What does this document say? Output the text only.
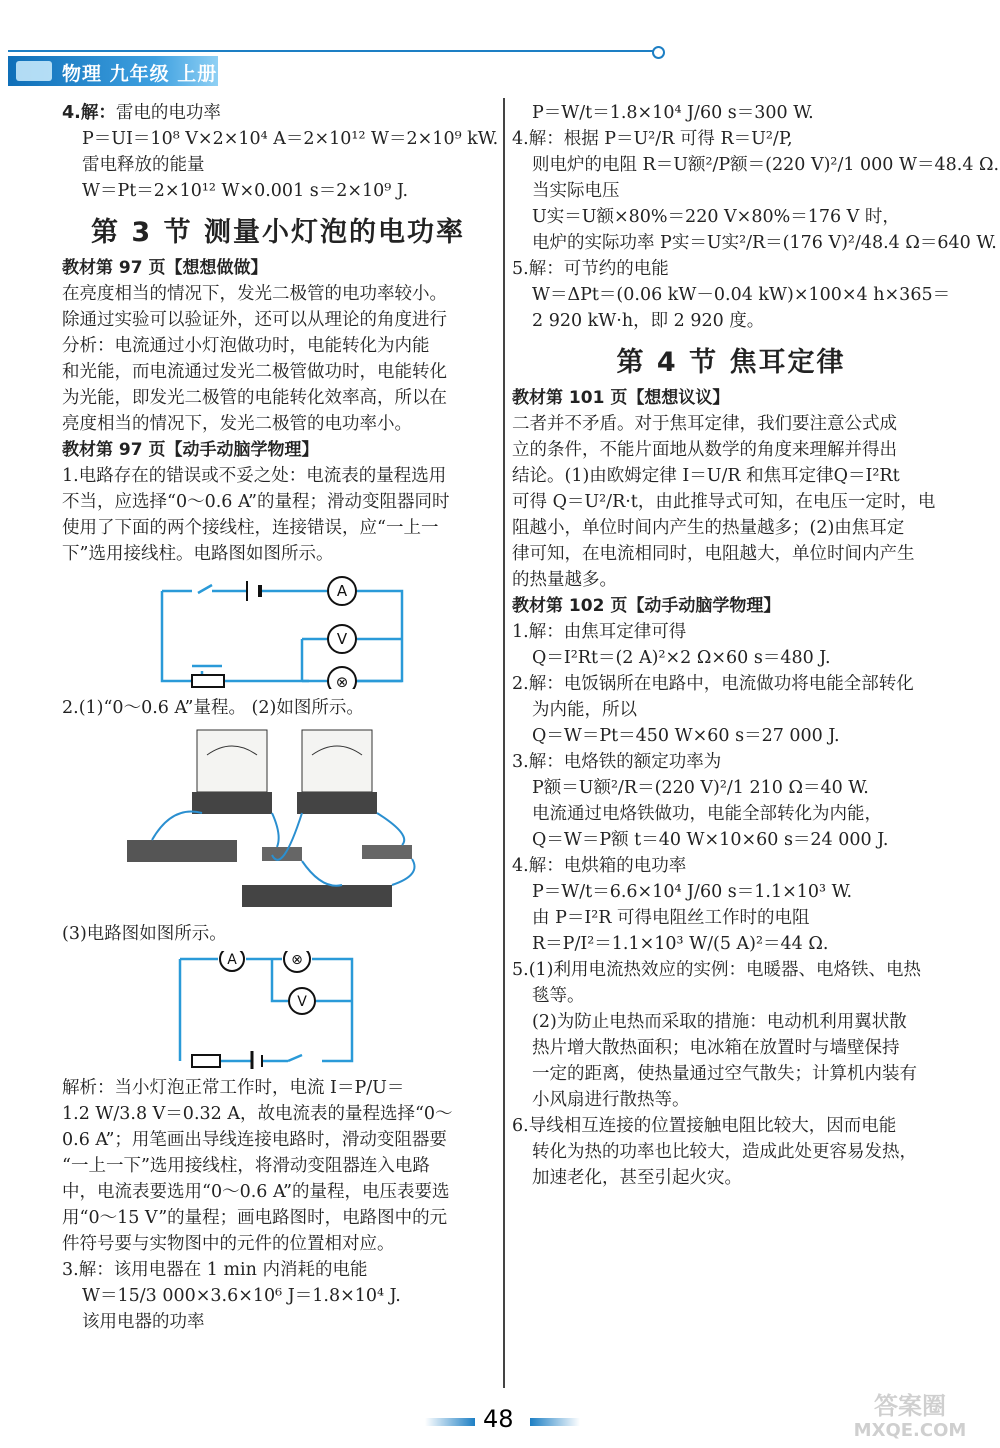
物理 九年级 上册

4.解：雷电的电功率

P＝UI＝10⁸ V×2×10⁴ A＝2×10¹² W＝2×10⁹ kW.

雷电释放的能量

W＝Pt＝2×10¹² W×0.001 s＝2×10⁹ J.

第 3 节 测量小灯泡的电功率

教材第 97 页【想想做做】

在亮度相当的情况下，发光二极管的电功率较小。

除通过实验可以验证外，还可以从理论的角度进行

分析：电流通过小灯泡做功时，电能转化为内能

和光能，而电流通过发光二极管做功时，电能转化

为光能，即发光二极管的电能转化效率高，所以在

亮度相当的情况下，发光二极管的电功率小。

教材第 97 页【动手动脑学物理】

1.电路存在的错误或不妥之处：电流表的量程选用

不当，应选择“0～0.6 A”的量程；滑动变阻器同时

使用了下面的两个接线柱，连接错误，应“一上一

下”选用接线柱。电路图如图所示。

A
V
⊗

2.(1)“0～0.6 A”量程。 (2)如图所示。

(3)电路图如图所示。

A
V
⊗

解析：当小灯泡正常工作时，电流 I＝P/U＝

1.2 W/3.8 V＝0.32 A，故电流表的量程选择“0～

0.6 A”；用笔画出导线连接电路时，滑动变阻器要

“一上一下”选用接线柱，将滑动变阻器连入电路

中，电流表要选用“0～0.6 A”的量程，电压表要选

用“0～15 V”的量程；画电路图时，电路图中的元

件符号要与实物图中的元件的位置相对应。

3.解：该用电器在 1 min 内消耗的电能

W＝15/3 000×3.6×10⁶ J＝1.8×10⁴ J.

该用电器的功率

P＝W/t＝1.8×10⁴ J/60 s＝300 W.

4.解：根据 P＝U²/R 可得 R＝U²/P,

则电炉的电阻 R＝U额²/P额＝(220 V)²/1 000 W＝48.4 Ω.

当实际电压

U实＝U额×80%＝220 V×80%＝176 V 时，

电炉的实际功率 P实＝U实²/R＝(176 V)²/48.4 Ω＝640 W.

5.解：可节约的电能

W＝ΔPt＝(0.06 kW－0.04 kW)×100×4 h×365＝

2 920 kW·h，即 2 920 度。

第 4 节 焦耳定律

教材第 101 页【想想议议】

二者并不矛盾。对于焦耳定律，我们要注意公式成

立的条件，不能片面地从数学的角度来理解并得出

结论。(1)由欧姆定律 I＝U/R 和焦耳定律Q＝I²Rt

可得 Q＝U²/R·t，由此推导式可知，在电压一定时，电

阻越小，单位时间内产生的热量越多；(2)由焦耳定

律可知，在电流相同时，电阻越大，单位时间内产生

的热量越多。

教材第 102 页【动手动脑学物理】

1.解：由焦耳定律可得

Q＝I²Rt＝(2 A)²×2 Ω×60 s＝480 J.

2.解：电饭锅所在电路中，电流做功将电能全部转化

为内能，所以

Q＝W＝Pt＝450 W×60 s＝27 000 J.

3.解：电烙铁的额定功率为

P额＝U额²/R＝(220 V)²/1 210 Ω＝40 W.

电流通过电烙铁做功，电能全部转化为内能，

Q＝W＝P额 t＝40 W×10×60 s＝24 000 J.

4.解：电烘箱的电功率

P＝W/t＝6.6×10⁴ J/60 s＝1.1×10³ W.

由 P＝I²R 可得电阻丝工作时的电阻

R＝P/I²＝1.1×10³ W/(5 A)²＝44 Ω.

5.(1)利用电流热效应的实例：电暖器、电烙铁、电热

毯等。

(2)为防止电热而采取的措施：电动机利用翼状散

热片增大散热面积；电冰箱在放置时与墙壁保持

一定的距离，使热量通过空气散失；计算机内装有

小风扇进行散热等。

6.导线相互连接的位置接触电阻比较大，因而电能

转化为热的功率也比较大，造成此处更容易发热，

加速老化，甚至引起火灾。

48	答案圈
MXQE.COM
